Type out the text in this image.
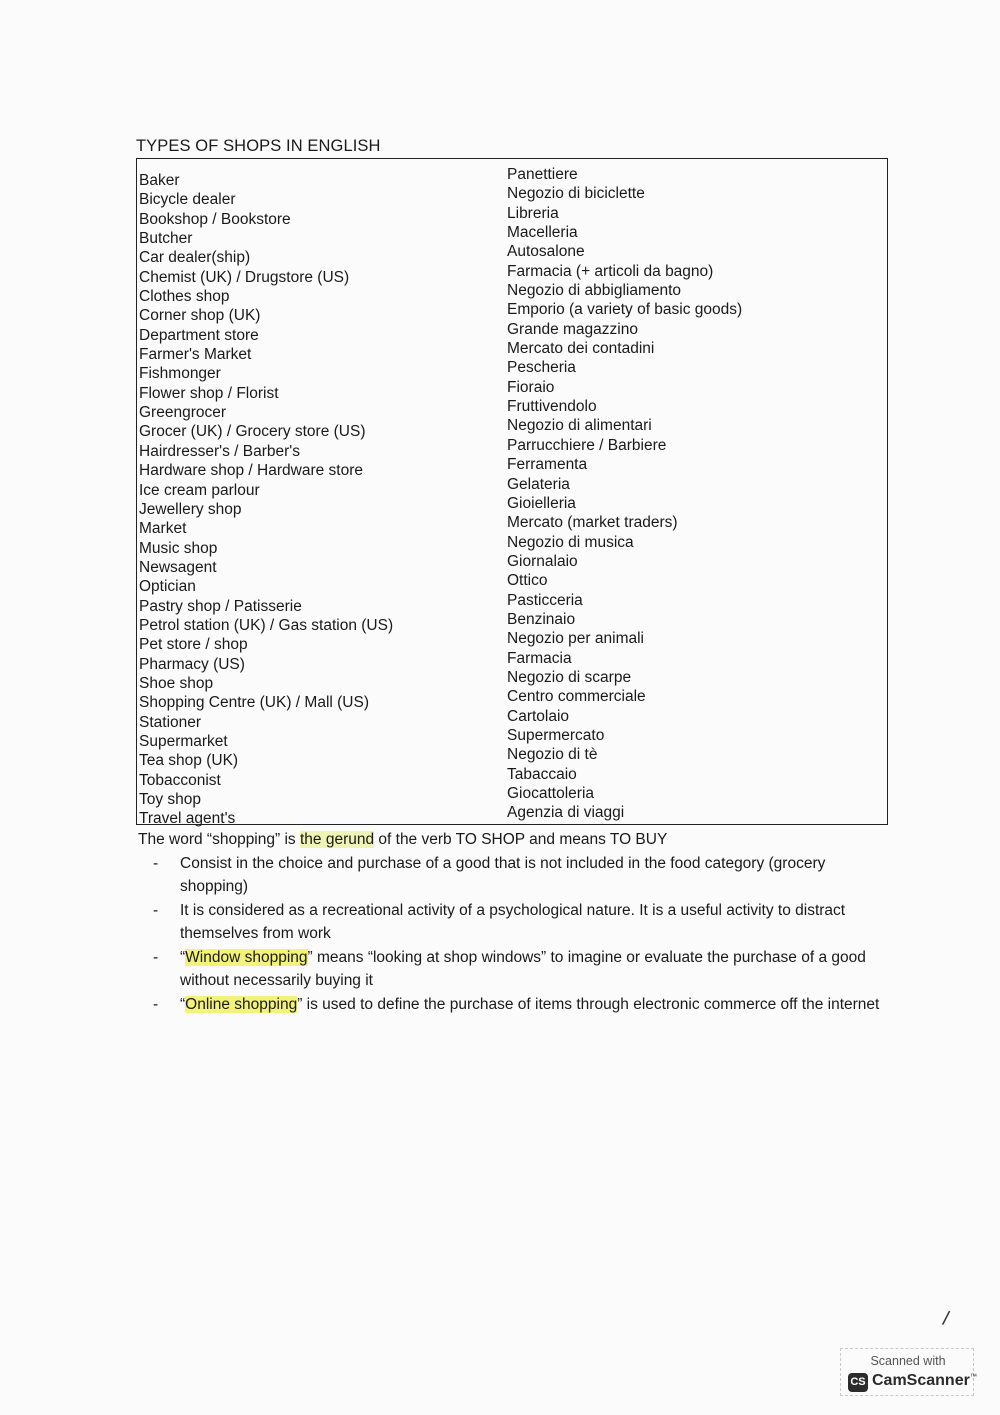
TYPES OF SHOPS IN ENGLISH
Baker
Bicycle dealer
Bookshop / Bookstore
Butcher
Car dealer(ship)
Chemist (UK) / Drugstore (US)
Clothes shop
Corner shop (UK)
Department store
Farmer's Market
Fishmonger
Flower shop / Florist
Greengrocer
Grocer (UK) / Grocery store (US)
Hairdresser's / Barber's
Hardware shop / Hardware store
Ice cream parlour
Jewellery shop
Market
Music shop
Newsagent
Optician
Pastry shop / Patisserie
Petrol station (UK) / Gas station (US)
Pet store / shop
Pharmacy (US)
Shoe shop
Shopping Centre (UK) / Mall (US)
Stationer
Supermarket
Tea shop (UK)
Tobacconist
Toy shop
Travel agent's
Panettiere
Negozio di biciclette
Libreria
Macelleria
Autosalone
Farmacia (+ articoli da bagno)
Negozio di abbigliamento
Emporio (a variety of basic goods)
Grande magazzino
Mercato dei contadini
Pescheria
Fioraio
Fruttivendolo
Negozio di alimentari
Parrucchiere / Barbiere
Ferramenta
Gelateria
Gioielleria
Mercato (market traders)
Negozio di musica
Giornalaio
Ottico
Pasticceria
Benzinaio
Negozio per animali
Farmacia
Negozio di scarpe
Centro commerciale
Cartolaio
Supermercato
Negozio di tè
Tabaccaio
Giocattoleria
Agenzia di viaggi
The word “shopping” is the gerund of the verb TO SHOP and means TO BUY
- Consist in the choice and purchase of a good that is not included in the food category (grocery shopping)
- It is considered as a recreational activity of a psychological nature. It is a useful activity to distract themselves from work
- “Window shopping” means “looking at shop windows” to imagine or evaluate the purchase of a good without necessarily buying it
- “Online shopping” is used to define the purchase of items through electronic commerce off the internet
/
Scanned with
CS CamScanner™
